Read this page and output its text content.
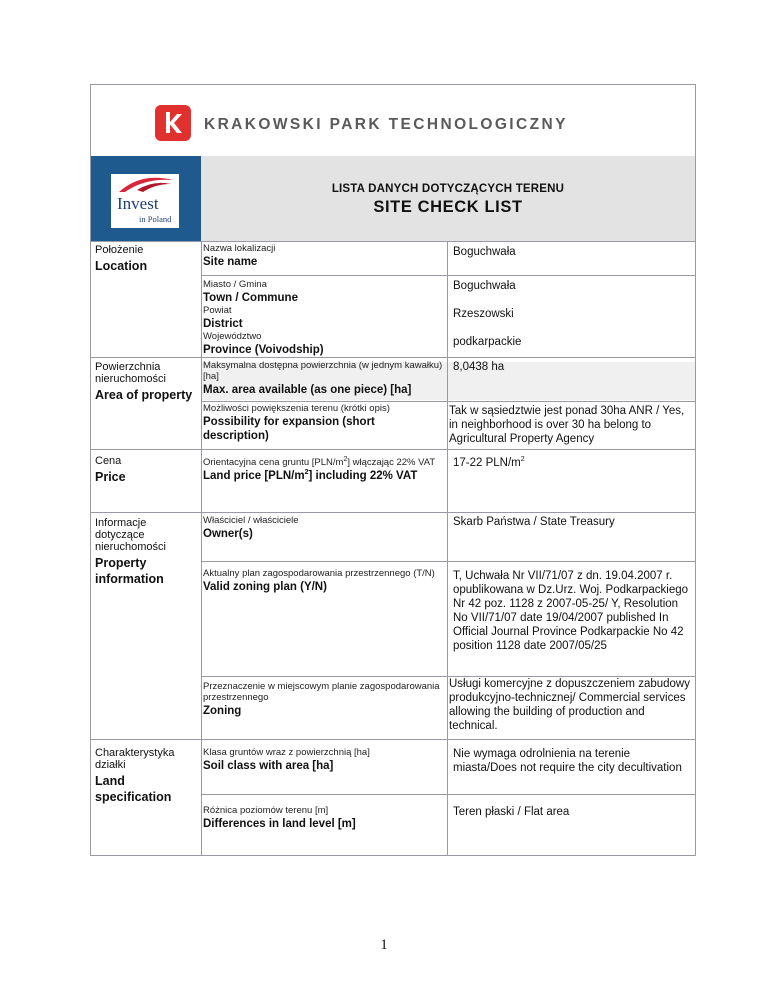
KRAKOWSKI PARK TECHNOLOGICZNY
Invest
in Poland
LISTA DANYCH DOTYCZĄCYCH TERENU
SITE CHECK LIST
Położenie
Location
Powierzchnia nieruchomości
Area of property
Cena
Price
Informacje dotyczące nieruchomości
Property information
Charakterystyka działki
Land specification
Nazwa lokalizacji
Site name
Miasto / Gmina
Town / Commune
Powiat
District
Województwo
Province (Voivodship)
Maksymalna dostępna powierzchnia (w jednym kawałku) [ha]
Max. area available (as one piece) [ha]
Możliwości powiększenia terenu (krótki opis)
Possibility for expansion (short description)
Orientacyjna cena gruntu $[PLN/m^2]$ włączając 22% VAT
Land price $[PLN/m^2]$ including 22% VAT
Właściciel / właściciele
Owner(s)
Aktualny plan zagospodarowania przestrzennego (T/N)
Valid zoning plan (Y/N)
Przeznaczenie w miejscowym planie zagospodarowania przestrzennego
Zoning
Klasa gruntów wraz z powierzchnią [ha]
Soil class with area [ha]
Różnica poziomów terenu [m]
Differences in land level [m]
Boguchwała
Boguchwała
Rzeszowski
podkarpackie
8,0438 ha
Tak w sąsiedztwie jest ponad 30ha ANR / Yes, in neighborhood is over 30 ha belong to Agricultural Property Agency
17-22 PLN/$m^2$
Skarb Państwa / State Treasury
T, Uchwała Nr VII/71/07 z dn. 19.04.2007 r. opublikowana w Dz.Urz. Woj. Podkarpackiego Nr 42 poz. 1128 z 2007-05-25/ Y, Resolution No VII/71/07 date 19/04/2007 published In Official Journal Province Podkarpackie No 42 position 1128 date 2007/05/25
Usługi komercyjne z dopuszczeniem zabudowy produkcyjno-technicznej/ Commercial services allowing the building of production and technical.
Nie wymaga odrolnienia na terenie miasta/Does not require the city decultivation
Teren płaski / Flat area
1
